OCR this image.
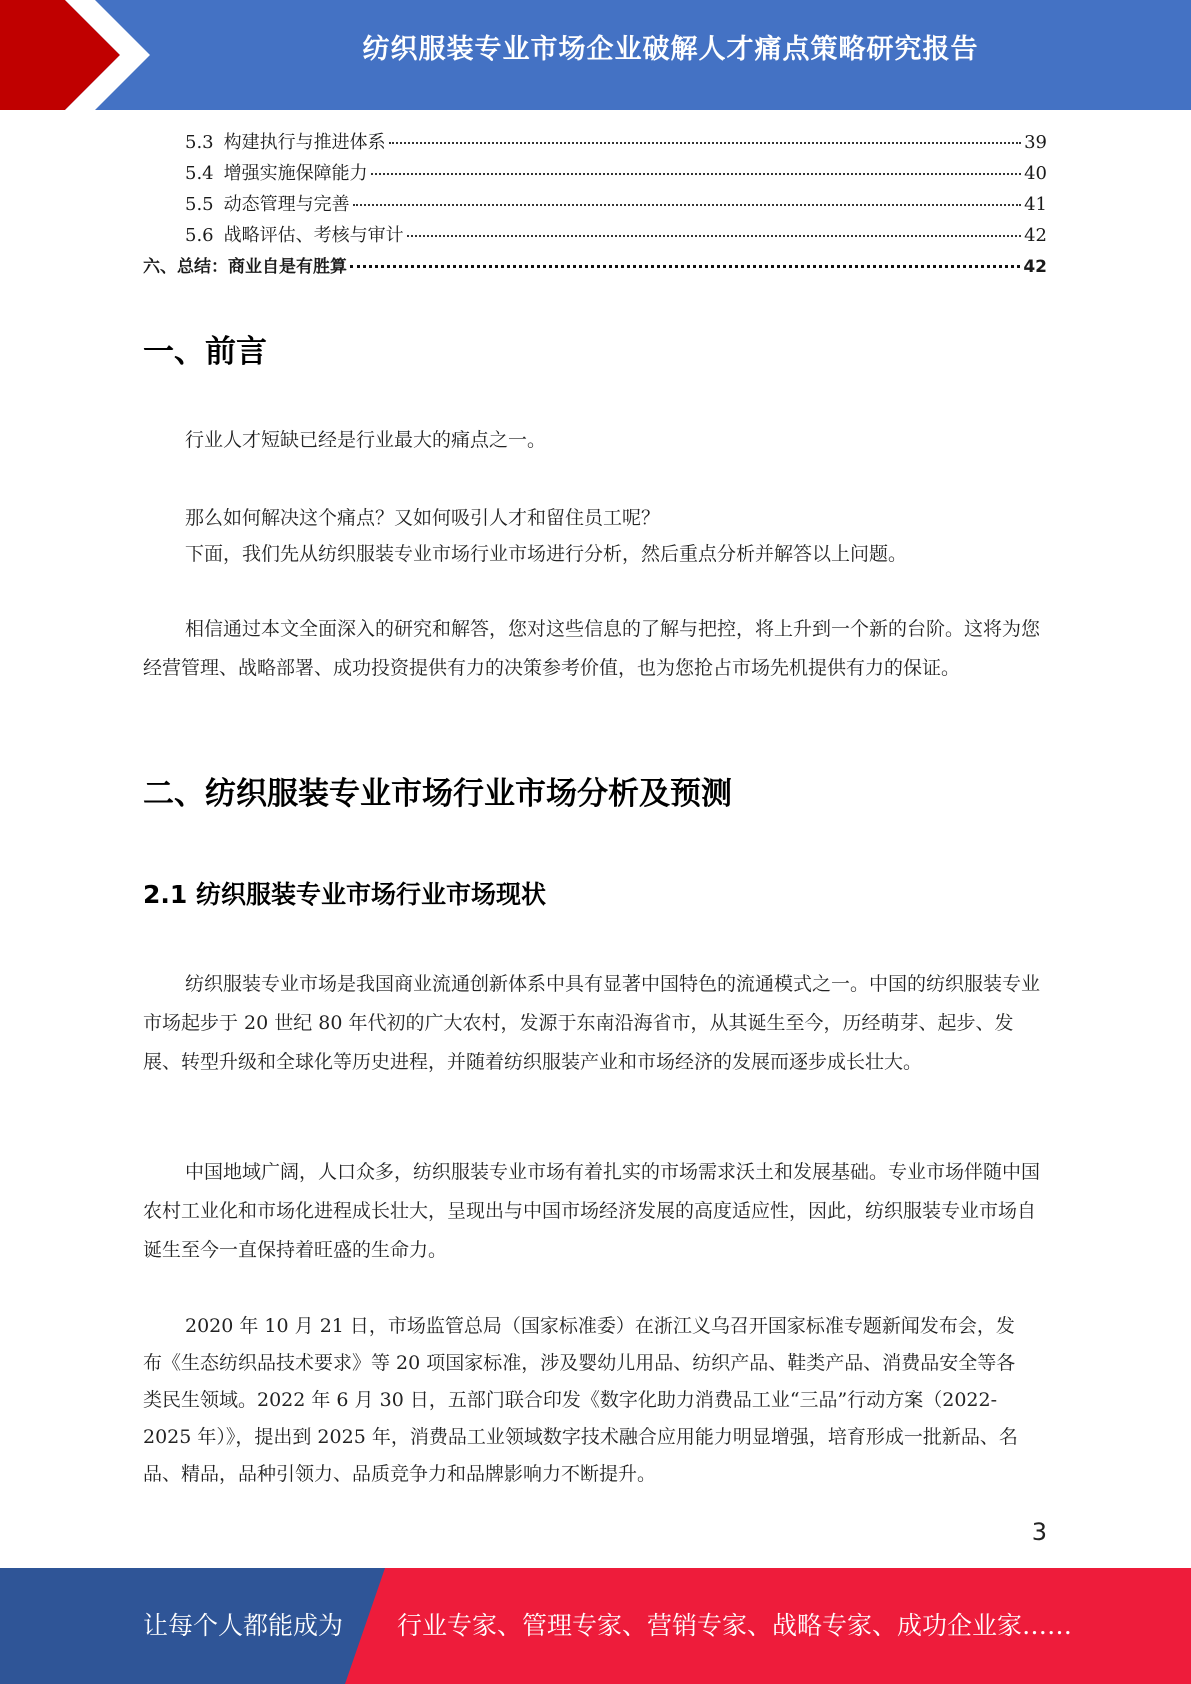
纺织服装专业市场企业破解人才痛点策略研究报告
5.3 构建执行与推进体系	39
5.4 增强实施保障能力	40
5.5 动态管理与完善	41
5.6 战略评估、考核与审计	42
六、总结：商业自是有胜算	42
一、前言
行业人才短缺已经是行业最大的痛点之一。
那么如何解决这个痛点？又如何吸引人才和留住员工呢？
下面，我们先从纺织服装专业市场行业市场进行分析，然后重点分析并解答以上问题。
相信通过本文全面深入的研究和解答，您对这些信息的了解与把控，将上升到一个新的台阶。这将为您经营管理、战略部署、成功投资提供有力的决策参考价值，也为您抢占市场先机提供有力的保证。
二、纺织服装专业市场行业市场分析及预测
2.1 纺织服装专业市场行业市场现状
纺织服装专业市场是我国商业流通创新体系中具有显著中国特色的流通模式之一。中国的纺织服装专业市场起步于 20 世纪 80 年代初的广大农村，发源于东南沿海省市，从其诞生至今，历经萌芽、起步、发展、转型升级和全球化等历史进程，并随着纺织服装产业和市场经济的发展而逐步成长壮大。
中国地域广阔，人口众多，纺织服装专业市场有着扎实的市场需求沃土和发展基础。专业市场伴随中国农村工业化和市场化进程成长壮大，呈现出与中国市场经济发展的高度适应性，因此，纺织服装专业市场自诞生至今一直保持着旺盛的生命力。
2020 年 10 月 21 日，市场监管总局（国家标准委）在浙江义乌召开国家标准专题新闻发布会，发布《生态纺织品技术要求》等 20 项国家标准，涉及婴幼儿用品、纺织产品、鞋类产品、消费品安全等各类民生领域。2022 年 6 月 30 日，五部门联合印发《数字化助力消费品工业“三品”行动方案（2022-2025 年）》，提出到 2025 年，消费品工业领域数字技术融合应用能力明显增强，培育形成一批新品、名品、精品，品种引领力、品质竞争力和品牌影响力不断提升。
3
让每个人都能成为 行业专家、管理专家、营销专家、战略专家、成功企业家……
